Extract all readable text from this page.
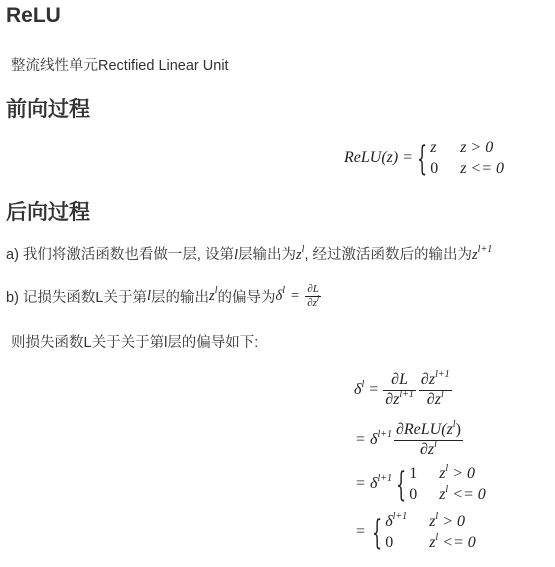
ReLU
整流线性单元Rectified Linear Unit
前向过程
ReLU(z) = { z z > 0
0 z <= 0
后向过程
a) 我们将激活函数也看做一层, 设第l层输出为$z^l$, 经过激活函数后的输出为$z^{l+1}$
b) 记损失函数L关于第 l 层的输出 $z^l$ 的偏导为 $\delta^l = \frac{\partial L}{\partial z^l}$
则损失函数L关于关于第l层的偏导如下:
$\delta^l = \frac{\partial L}{\partial z^{l+1}} \frac{\partial z^{l+1}}{\partial z^l}$
= $\delta^{l+1} \frac{\partial ReLU(z^l)}{\partial z^l}$
= $\delta^{l+1}$ { 1 $z^l > 0$
0 $z^l <= 0$
= { $\delta^{l+1}$ $z^l > 0$
0	$z^l <= 0$
